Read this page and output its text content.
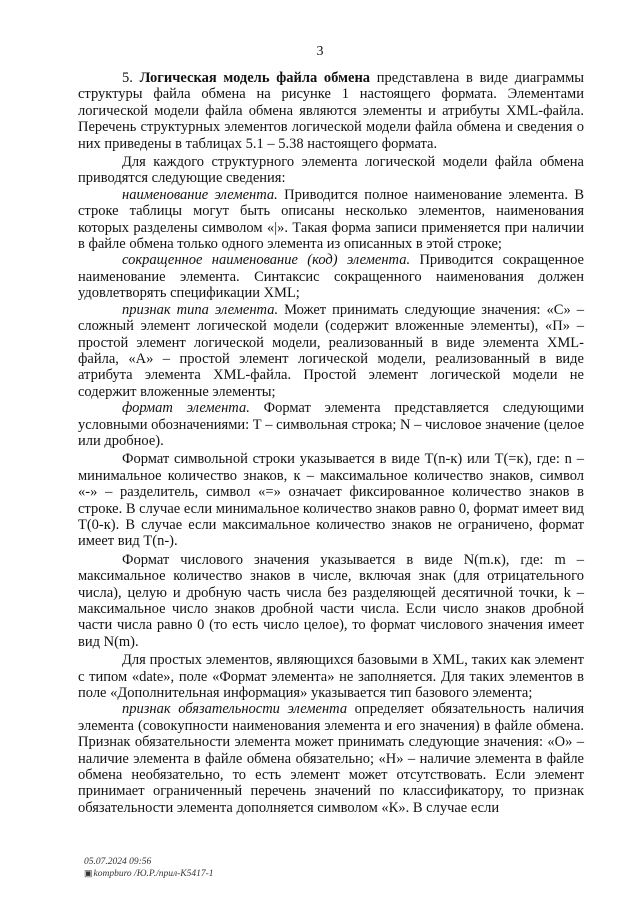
3

5. Логическая модель файла обмена представлена в виде диаграммы структуры файла обмена на рисунке 1 настоящего формата. Элементами логической модели файла обмена являются элементы и атрибуты XML-файла. Перечень структурных элементов логической модели файла обмена и сведения о них приведены в таблицах 5.1 – 5.38 настоящего формата.

Для каждого структурного элемента логической модели файла обмена приводятся следующие сведения:

наименование элемента. Приводится полное наименование элемента. В строке таблицы могут быть описаны несколько элементов, наименования которых разделены символом «|». Такая форма записи применяется при наличии в файле обмена только одного элемента из описанных в этой строке;

сокращенное наименование (код) элемента. Приводится сокращенное наименование элемента. Синтаксис сокращенного наименования должен удовлетворять спецификации XML;

признак типа элемента. Может принимать следующие значения: «С» – сложный элемент логической модели (содержит вложенные элементы), «П» – простой элемент логической модели, реализованный в виде элемента XML-файла, «А» – простой элемент логической модели, реализованный в виде атрибута элемента XML-файла. Простой элемент логической модели не содержит вложенные элементы;

формат элемента. Формат элемента представляется следующими условными обозначениями: Т – символьная строка; N – числовое значение (целое или дробное).

Формат символьной строки указывается в виде Т(n-к) или Т(=к), где: n – минимальное количество знаков, к – максимальное количество знаков, символ «-» – разделитель, символ «=» означает фиксированное количество знаков в строке. В случае если минимальное количество знаков равно 0, формат имеет вид Т(0-к). В случае если максимальное количество знаков не ограничено, формат имеет вид Т(n-).

Формат числового значения указывается в виде N(m.к), где: m – максимальное количество знаков в числе, включая знак (для отрицательного числа), целую и дробную часть числа без разделяющей десятичной точки, k – максимальное число знаков дробной части числа. Если число знаков дробной части числа равно 0 (то есть число целое), то формат числового значения имеет вид N(m).

Для простых элементов, являющихся базовыми в XML, таких как элемент с типом «date», поле «Формат элемента» не заполняется. Для таких элементов в поле «Дополнительная информация» указывается тип базового элемента;

признак обязательности элемента определяет обязательность наличия элемента (совокупности наименования элемента и его значения) в файле обмена. Признак обязательности элемента может принимать следующие значения: «О» – наличие элемента в файле обмена обязательно; «Н» – наличие элемента в файле обмена необязательно, то есть элемент может отсутствовать. Если элемент принимает ограниченный перечень значений по классификатору, то признак обязательности элемента дополняется символом «К». В случае если

05.07.2024 09:56
▣kompburo /Ю.Р./прил-К5417-1
